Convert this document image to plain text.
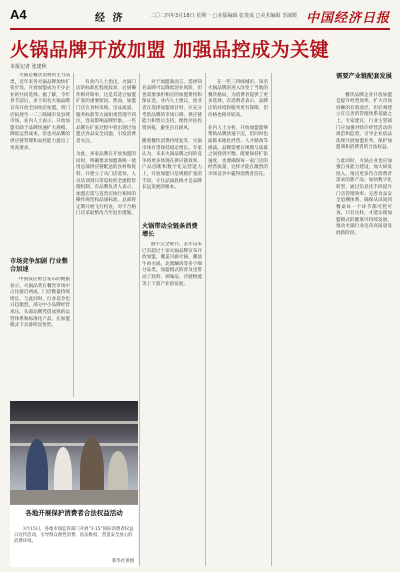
A4	经 济	二〇二四年3月18日 星期一 □本版编辑 张贵成 □美术编辑 李淑媛 中国经济日报
火锅品牌开放加盟 加强品控成为关键
本报记者 张建秋

火锅是餐饮消费的主力品类，近年来各火锅品牌加快扩张步伐，开放加盟成为不少企业的共同选择。据了解，今年春节前后，多个知名火锅品牌宣布开放全国单店加盟，将门店拓展至一二三线城市及县域市场。业内人士表示，开放加盟有助于品牌快速扩大规模、降低运营成本，但也对品牌的供应链管理和品控能力提出了更高要求。

市场竞争加剧 行业整合加速

中国饭店协会发布的数据显示，火锅品类在餐饮市场中占比接近两成，门店数量持续增长。与此同时，行业竞争也日趋激烈，部分中小品牌经营承压。头部品牌凭借成熟的运营体系和标准化产品，在加盟模式下具备明显优势。

有业内人士指出，火锅门店的标准化程度较高，后厨操作相对简单，这是其适合加盟扩张的重要原因。然而，加盟门店在食材采购、出品质量、服务标准等方面如果管理不到位，容易影响品牌形象。一些品牌在扩张过程中曾出现过加盟店食品安全问题，引发消费者关注。

为此，多家品牌在开放加盟的同时，明确要求加盟商统一使用总部供应链配送的食材和底料，并建立了从门店选址、人员培训到日常巡检的全流程管理机制。有品牌负责人表示，加盟店需与直营店执行相同的操作规范和品质标准，总部将定期开展飞行检查，对不合格门店采取整改乃至退出措施。

对于加盟商而言，选择知名品牌可以降低创业风险，但也需要承担相应的加盟费用和保证金。业内人士建议，创业者在选择加盟项目时，应充分考察品牌的市场口碑、供应链能力和售后支持，理性评估投资回报，避免盲目跟风。

随着餐饮消费持续复苏，火锅市场有望保持稳定增长。专家认为，未来火锅品牌之间的竞争将更多体现在供应链效率、产品创新和数字化运营能力上，开放加盟只是规模扩张的手段，守住品质底线才是品牌长远发展的根本。

火锅带动全链条消费增长

据不完全统计，去年以来已有超过十家火锅品牌宣布开放加盟，覆盖川渝火锅、潮汕牛肉火锅、北派涮肉等多个细分品类。加盟模式的普及也带动了底料、调味品、冷链物流等上下游产业的发展。

在一些三四线城市，知名火锅品牌的进入改变了当地的餐饮格局，为消费者提供了更多选择。有消费者表示，品牌店的环境和服务更有保障，但价格也相对较高。

业内人士分析，开放加盟能够帮助品牌快速下沉，但同时也面临本地化经营、人才储备等挑战。品牌需要在规模与质量之间找到平衡，既要保持扩张速度，也要确保每一家门店的经营质量，这样才能在激烈的市场竞争中赢得消费者信任。

需要产业链配套发展

餐饮品牌企业开放加盟是提升经营效率、扩大市场份额的有效途径，但必须建立在完善的管理体系基础之上。专家建议，行业主管部门应加强对特许经营活动的规范和监督，引导企业依法依规开展加盟业务，保护加盟商和消费者的合法权益。

与此同时，火锅企业也应加强自身能力建设，加大研发投入，推出更多符合消费者需求的新产品；加快数字化转型，通过信息化手段提升门店管理效率；完善食品安全追溯体系，确保从田间到餐桌每一个环节都可控可查。只有这样，才能实现加盟模式的健康可持续发展，推动火锅行业迈向高质量发展新阶段。

各地开展保护消费者合法权益活动
3月15日，各地市场监管部门开展“3·15”国际消费者权益日宣传活动，引导群众理性消费、依法维权，营造安全放心的消费环境。
新华社供图
